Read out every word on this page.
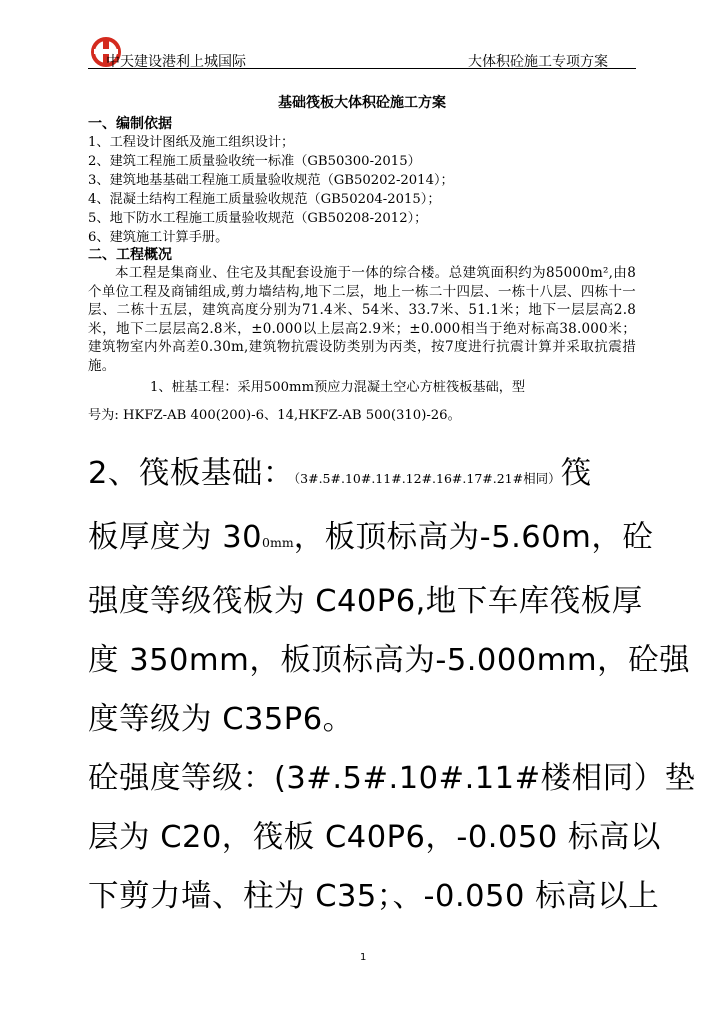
中天建设港利上城国际	大体积砼施工专项方案
基础筏板大体积砼施工方案
一、编制依据
1、工程设计图纸及施工组织设计；
2、建筑工程施工质量验收统一标准（GB50300-2015）
3、建筑地基基础工程施工质量验收规范（GB50202-2014）；
4、混凝土结构工程施工质量验收规范（GB50204-2015）；
5、地下防水工程施工质量验收规范（GB50208-2012）；
6、建筑施工计算手册。
二、工程概况

本工程是集商业、住宅及其配套设施于一体的综合楼。总建筑面积约为85000m²,由8个单位工程及商铺组成,剪力墙结构,地下二层，地上一栋二十四层、一栋十八层、四栋十一层、二栋十五层，建筑高度分别为71.4米、54米、33.7米、51.1米；地下一层层高2.8米，地下二层层高2.8米，±0.000以上层高2.9米；±0.000相当于绝对标高38.000米；建筑物室内外高差0.30m,建筑物抗震设防类别为丙类，按7度进行抗震计算并采取抗震措施。

1、桩基工程：采用500mm预应力混凝土空心方桩筏板基础，型
号为: HKFZ-AB 400(200)-6、14,HKFZ-AB 500(310)-26。
2、筏板基础：（3#.5#.10#.11#.12#.16#.17#.21#相同）筏
板厚度为 300mm，板顶标高为-5.60m，砼
强度等级筏板为 C40P6,地下车库筏板厚
度 350mm，板顶标高为-5.000mm，砼强
度等级为 C35P6。
砼强度等级：(3#.5#.10#.11#楼相同）垫
层为 C20，筏板 C40P6，-0.050 标高以
下剪力墙、柱为 C35；、-0.050 标高以上
1
